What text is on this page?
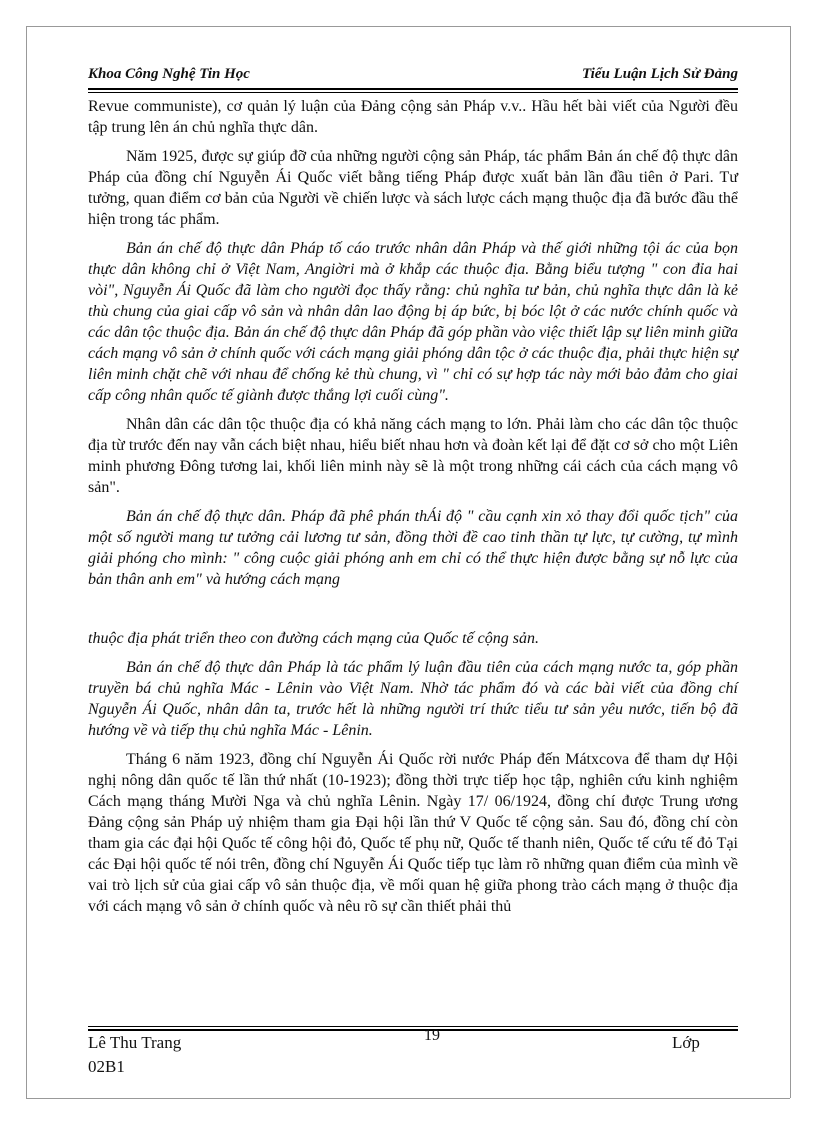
Khoa Công Nghệ Tin Học	Tiểu Luận Lịch Sử Đảng

Revue communiste), cơ quản lý luận của Đảng cộng sản Pháp v.v.. Hầu hết bài viết của Người đều tập trung lên án chủ nghĩa thực dân.

Năm 1925, được sự giúp đỡ của những người cộng sản Pháp, tác phẩm Bản án chế độ thực dân Pháp của đồng chí Nguyễn Ái Quốc viết bằng tiếng Pháp được xuất bản lần đầu tiên ở Pari. Tư tưởng, quan điểm cơ bản của Người về chiến lược và sách lược cách mạng thuộc địa đã bước đầu thể hiện trong tác phẩm.

Bản án chế độ thực dân Pháp tố cáo trước nhân dân Pháp và thế giới những tội ác của bọn thực dân không chỉ ở Việt Nam, Angiờri mà ở khắp các thuộc địa. Bằng biểu tượng " con đỉa hai vòi", Nguyễn Ái Quốc đã làm cho người đọc thấy rằng: chủ nghĩa tư bản, chủ nghĩa thực dân là kẻ thù chung của giai cấp vô sản và nhân dân lao động bị áp bức, bị bóc lột ở các nước chính quốc và các dân tộc thuộc địa. Bản án chế độ thực dân Pháp đã góp phần vào việc thiết lập sự liên minh giữa cách mạng vô sản ở chính quốc với cách mạng giải phóng dân tộc ở các thuộc địa, phải thực hiện sự liên minh chặt chẽ với nhau để chống kẻ thù chung, vì " chỉ có sự hợp tác này mới bảo đảm cho giai cấp công nhân quốc tế giành được thắng lợi cuối cùng".

Nhân dân các dân tộc thuộc địa có khả năng cách mạng to lớn. Phải làm cho các dân tộc thuộc địa từ trước đến nay vẫn cách biệt nhau, hiểu biết nhau hơn và đoàn kết lại để đặt cơ sở cho một Liên minh phương Đông tương lai, khối liên minh này sẽ là một trong những cái cách của cách mạng vô sản".

Bản án chế độ thực dân. Pháp đã phê phán thÁi độ " cầu cạnh xin xỏ thay đổi quốc tịch" của một số người mang tư tưởng cải lương tư sản, đồng thời đề cao tinh thần tự lực, tự cường, tự mình giải phóng cho mình: " công cuộc giải phóng anh em chỉ có thể thực hiện được bằng sự nỗ lực của bản thân anh em" và hướng cách mạng

thuộc địa phát triển theo con đường cách mạng của Quốc tế cộng sản.

Bản án chế độ thực dân Pháp là tác phẩm lý luận đầu tiên của cách mạng nước ta, góp phần truyền bá chủ nghĩa Mác - Lênin vào Việt Nam. Nhờ tác phẩm đó và các bài viết của đồng chí Nguyễn Ái Quốc, nhân dân ta, trước hết là những người trí thức tiểu tư sản yêu nước, tiến bộ đã hướng về và tiếp thụ chủ nghĩa Mác - Lênin.

Tháng 6 năm 1923, đồng chí Nguyễn Ái Quốc rời nước Pháp đến Mátxcova để tham dự Hội nghị nông dân quốc tế lần thứ nhất (10-1923); đồng thời trực tiếp học tập, nghiên cứu kinh nghiệm Cách mạng tháng Mười Nga và chủ nghĩa Lênin. Ngày 17/ 06/1924, đồng chí được Trung ương Đảng cộng sản Pháp uỷ nhiệm tham gia Đại hội lần thứ V Quốc tế cộng sản. Sau đó, đồng chí còn tham gia các đại hội Quốc tế công hội đỏ, Quốc tế phụ nữ, Quốc tế thanh niên, Quốc tế cứu tế đỏ Tại các Đại hội quốc tế nói trên, đồng chí Nguyễn Ái Quốc tiếp tục làm rõ những quan điểm của mình về vai trò lịch sử của giai cấp vô sản thuộc địa, về mối quan hệ giữa phong trào cách mạng ở thuộc địa với cách mạng vô sản ở chính quốc và nêu rõ sự cần thiết phải thủ

Lê Thu Trang
02B1
19	Lớp
